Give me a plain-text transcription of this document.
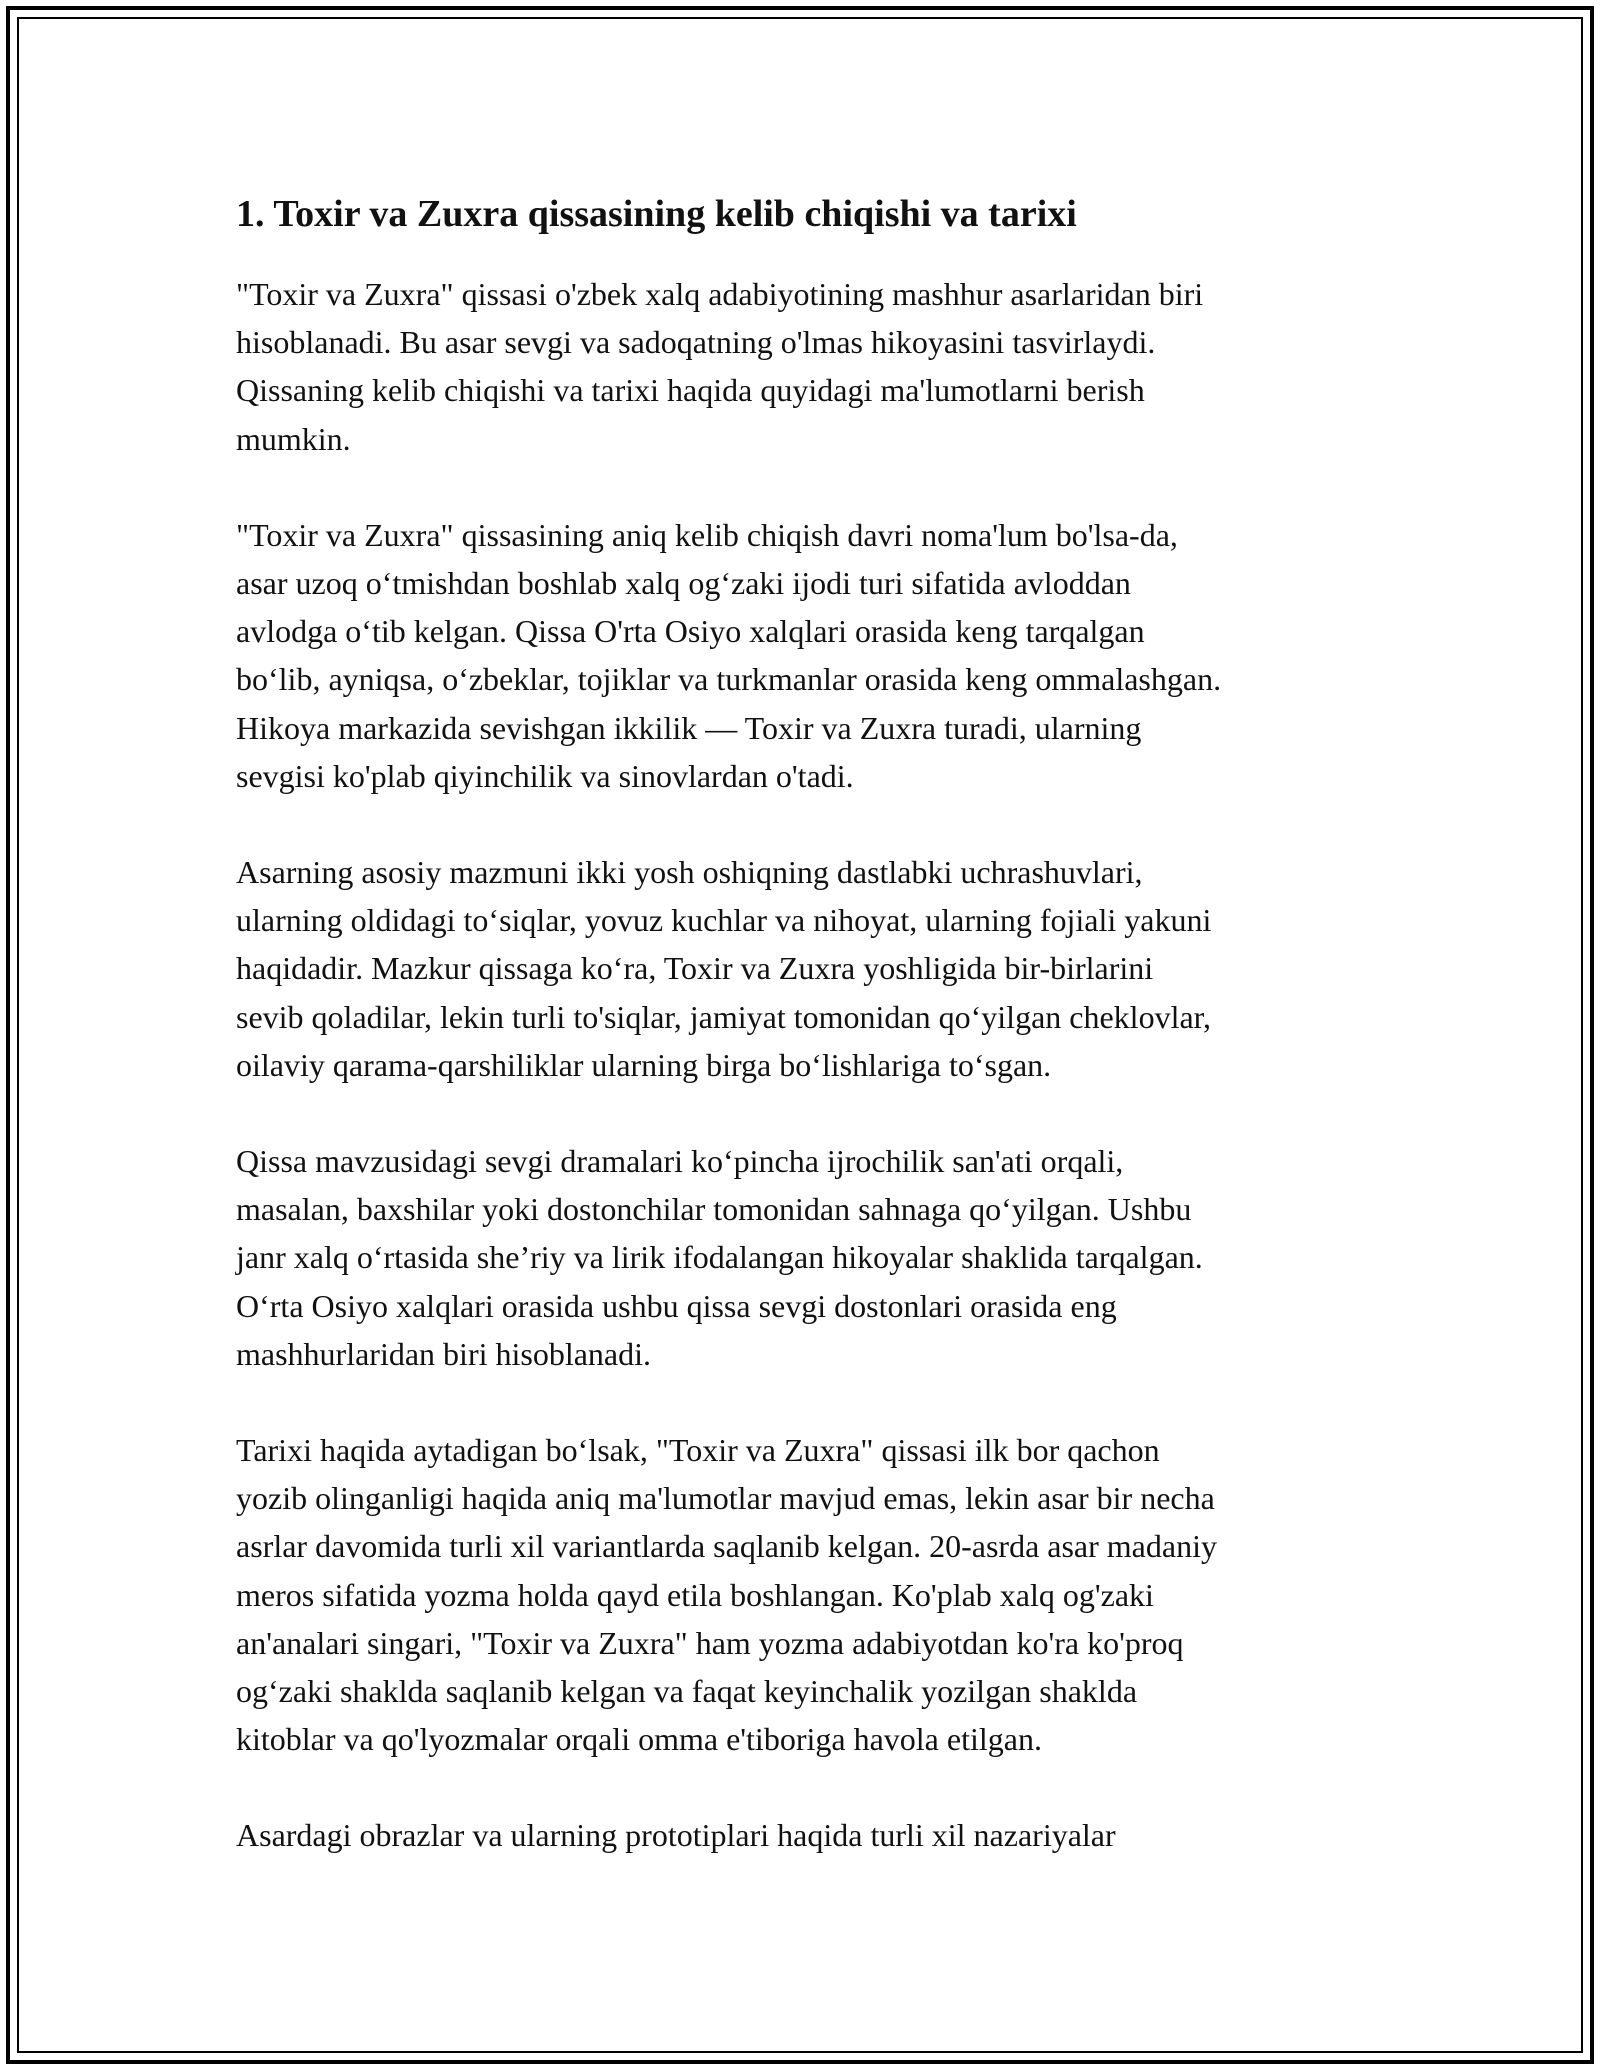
1. Toxir va Zuxra qissasining kelib chiqishi va tarixi

"Toxir va Zuxra" qissasi o'zbek xalq adabiyotining mashhur asarlaridan biri
hisoblanadi. Bu asar sevgi va sadoqatning o'lmas hikoyasini tasvirlaydi.
Qissaning kelib chiqishi va tarixi haqida quyidagi ma'lumotlarni berish
mumkin.

"Toxir va Zuxra" qissasining aniq kelib chiqish davri noma'lum bo'lsa-da,
asar uzoq o‘tmishdan boshlab xalq og‘zaki ijodi turi sifatida avloddan
avlodga o‘tib kelgan. Qissa O'rta Osiyo xalqlari orasida keng tarqalgan
bo‘lib, ayniqsa, o‘zbeklar, tojiklar va turkmanlar orasida keng ommalashgan.
Hikoya markazida sevishgan ikkilik — Toxir va Zuxra turadi, ularning
sevgisi ko'plab qiyinchilik va sinovlardan o'tadi.

Asarning asosiy mazmuni ikki yosh oshiqning dastlabki uchrashuvlari,
ularning oldidagi to‘siqlar, yovuz kuchlar va nihoyat, ularning fojiali yakuni
haqidadir. Mazkur qissaga ko‘ra, Toxir va Zuxra yoshligida bir-birlarini
sevib qoladilar, lekin turli to'siqlar, jamiyat tomonidan qo‘yilgan cheklovlar,
oilaviy qarama-qarshiliklar ularning birga bo‘lishlariga to‘sgan.

Qissa mavzusidagi sevgi dramalari ko‘pincha ijrochilik san'ati orqali,
masalan, baxshilar yoki dostonchilar tomonidan sahnaga qo‘yilgan. Ushbu
janr xalq o‘rtasida she’riy va lirik ifodalangan hikoyalar shaklida tarqalgan.
O‘rta Osiyo xalqlari orasida ushbu qissa sevgi dostonlari orasida eng
mashhurlaridan biri hisoblanadi.

Tarixi haqida aytadigan bo‘lsak, "Toxir va Zuxra" qissasi ilk bor qachon
yozib olinganligi haqida aniq ma'lumotlar mavjud emas, lekin asar bir necha
asrlar davomida turli xil variantlarda saqlanib kelgan. 20-asrda asar madaniy
meros sifatida yozma holda qayd etila boshlangan. Ko'plab xalq og'zaki
an'analari singari, "Toxir va Zuxra" ham yozma adabiyotdan ko'ra ko'proq
og‘zaki shaklda saqlanib kelgan va faqat keyinchalik yozilgan shaklda
kitoblar va qo'lyozmalar orqali omma e'tiboriga havola etilgan.

Asardagi obrazlar va ularning prototiplari haqida turli xil nazariyalar
